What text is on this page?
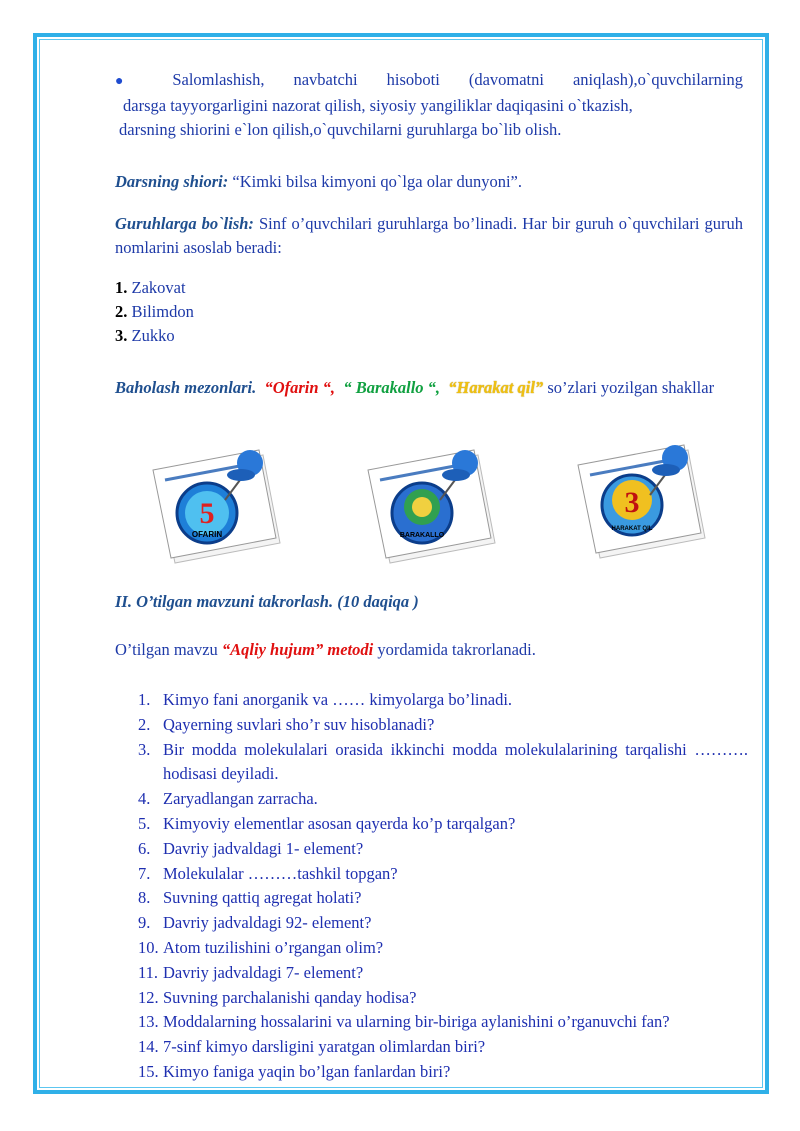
● Salomlashish, navbatchi hisoboti (davomatni aniqlash),o`quvchilarning

darsga tayyorgarligini nazorat qilish, siyosiy yangiliklar daqiqasini o`tkazish,

darsning shiorini e`lon qilish,o`quvchilarni guruhlarga bo`lib olish.

Darsning shiori: “Kimki bilsa kimyoni qo`lga olar dunyoni”.

Guruhlarga bo`lish: Sinf o’quvchilari guruhlarga bo’linadi. Har bir guruh o`quvchilari guruh nomlarini asoslab beradi:

1. Zakovat
2. Bilimdon
3. Zukko
Baholash mezonlari. “Ofarin “, “ Barakallo “, “Harakat qil” so’zlari yozilgan shakllar
5
OFARIN	BARAKALLO
3
HARAKAT QIL
II. O’tilgan mavzuni takrorlash. (10 daqiqa )
O’tilgan mavzu “Aqliy hujum” metodi yordamida takrorlanadi.
1. Kimyo fani anorganik va …… kimyolarga bo’linadi.
2. Qayerning suvlari sho’r suv hisoblanadi?
3. Bir modda molekulalari orasida ikkinchi modda molekulalarining tarqalishi ………. hodisasi deyiladi.
4. Zaryadlangan zarracha.
5. Kimyoviy elementlar asosan qayerda ko’p tarqalgan?
6. Davriy jadvaldagi 1- element?
7. Molekulalar ………tashkil topgan?
8. Suvning qattiq agregat holati?
9. Davriy jadvaldagi 92- element?
10. Atom tuzilishini o’rgangan olim?
11. Davriy jadvaldagi 7- element?
12. Suvning parchalanishi qanday hodisa?
13. Moddalarning hossalarini va ularning bir-biriga aylanishini o’rganuvchi fan?
14. 7-sinf kimyo darsligini yaratgan olimlardan biri?
15. Kimyo faniga yaqin bo’lgan fanlardan biri?
